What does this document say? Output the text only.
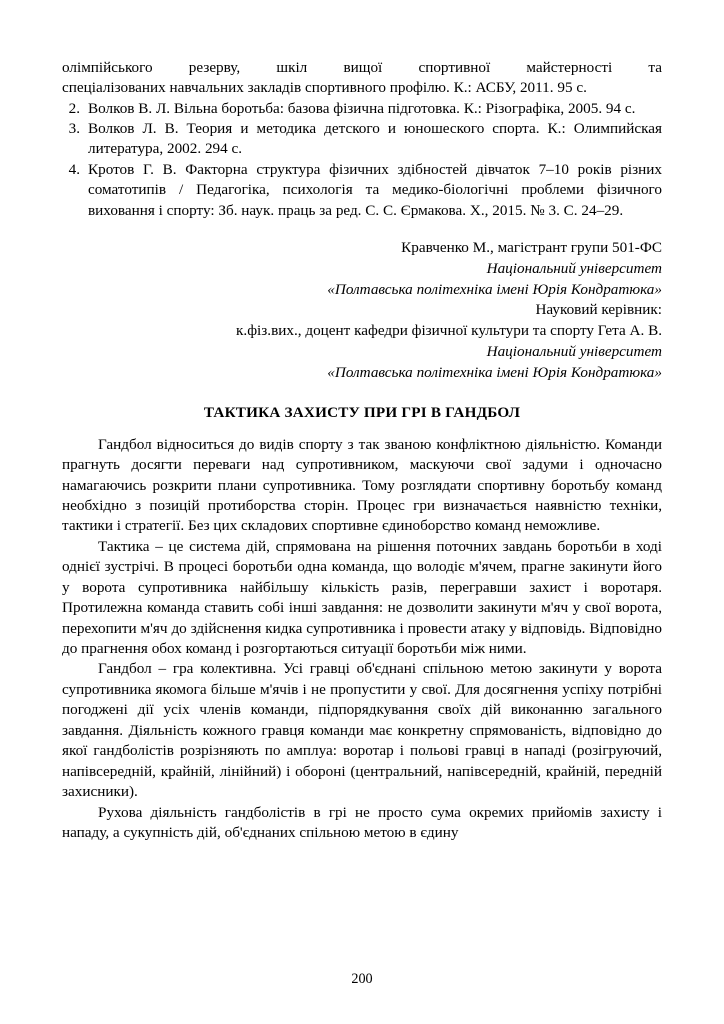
олімпійського резерву, шкіл вищої спортивної майстерності та
спеціалізованих навчальних закладів спортивного профілю. К.: АСБУ, 2011. 95 с.
2. Волков В. Л. Вільна боротьба: базова фізична підготовка. К.: Різографіка, 2005. 94 с.
3. Волков Л. В. Теория и методика детского и юношеского спорта. К.: Олимпийская литература, 2002. 294 с.
4. Кротов Г. В. Факторна структура фізичних здібностей дівчаток 7–10 років різних соматотипів / Педагогіка, психологія та медико-біологічні проблеми фізичного виховання і спорту: Зб. наук. праць за ред. С. С. Єрмакова. Х., 2015. № 3. С. 24–29.
Кравченко М., магістрант групи 501-ФС
Національний університет
«Полтавська політехніка імені Юрія Кондратюка»
Науковий керівник:
к.фіз.вих., доцент кафедри фізичної культури та спорту Гета А. В.
Національний університет
«Полтавська політехніка імені Юрія Кондратюка»
ТАКТИКА ЗАХИСТУ ПРИ ГРІ В ГАНДБОЛ

Гандбол відноситься до видів спорту з так званою конфліктною діяльністю. Команди прагнуть досягти переваги над супротивником, маскуючи свої задуми і одночасно намагаючись розкрити плани супротивника. Тому розглядати спортивну боротьбу команд необхідно з позицій протиборства сторін. Процес гри визначається наявністю техніки, тактики і стратегії. Без цих складових спортивне єдиноборство команд неможливе.

Тактика – це система дій, спрямована на рішення поточних завдань боротьби в ході однієї зустрічі. В процесі боротьби одна команда, що володіє м'ячем, прагне закинути його у ворота супротивника найбільшу кількість разів, перегравши захист і воротаря. Протилежна команда ставить собі інші завдання: не дозволити закинути м'яч у свої ворота, перехопити м'яч до здійснення кидка супротивника і провести атаку у відповідь. Відповідно до прагнення обох команд і розгортаються ситуації боротьби між ними.

Гандбол – гра колективна. Усі гравці об'єднані спільною метою закинути у ворота супротивника якомога більше м'ячів і не пропустити у свої. Для досягнення успіху потрібні погоджені дії усіх членів команди, підпорядкування своїх дій виконанню загального завдання. Діяльність кожного гравця команди має конкретну спрямованість, відповідно до якої гандболістів розрізняють по амплуа: воротар і польові гравці в нападі (розігруючий, напівсередній, крайній, лінійний) і обороні (центральний, напівсередній, крайній, передній захисники).

Рухова діяльність гандболістів в грі не просто сума окремих прийомів захисту і нападу, а сукупність дій, об'єднаних спільною метою в єдину

200
